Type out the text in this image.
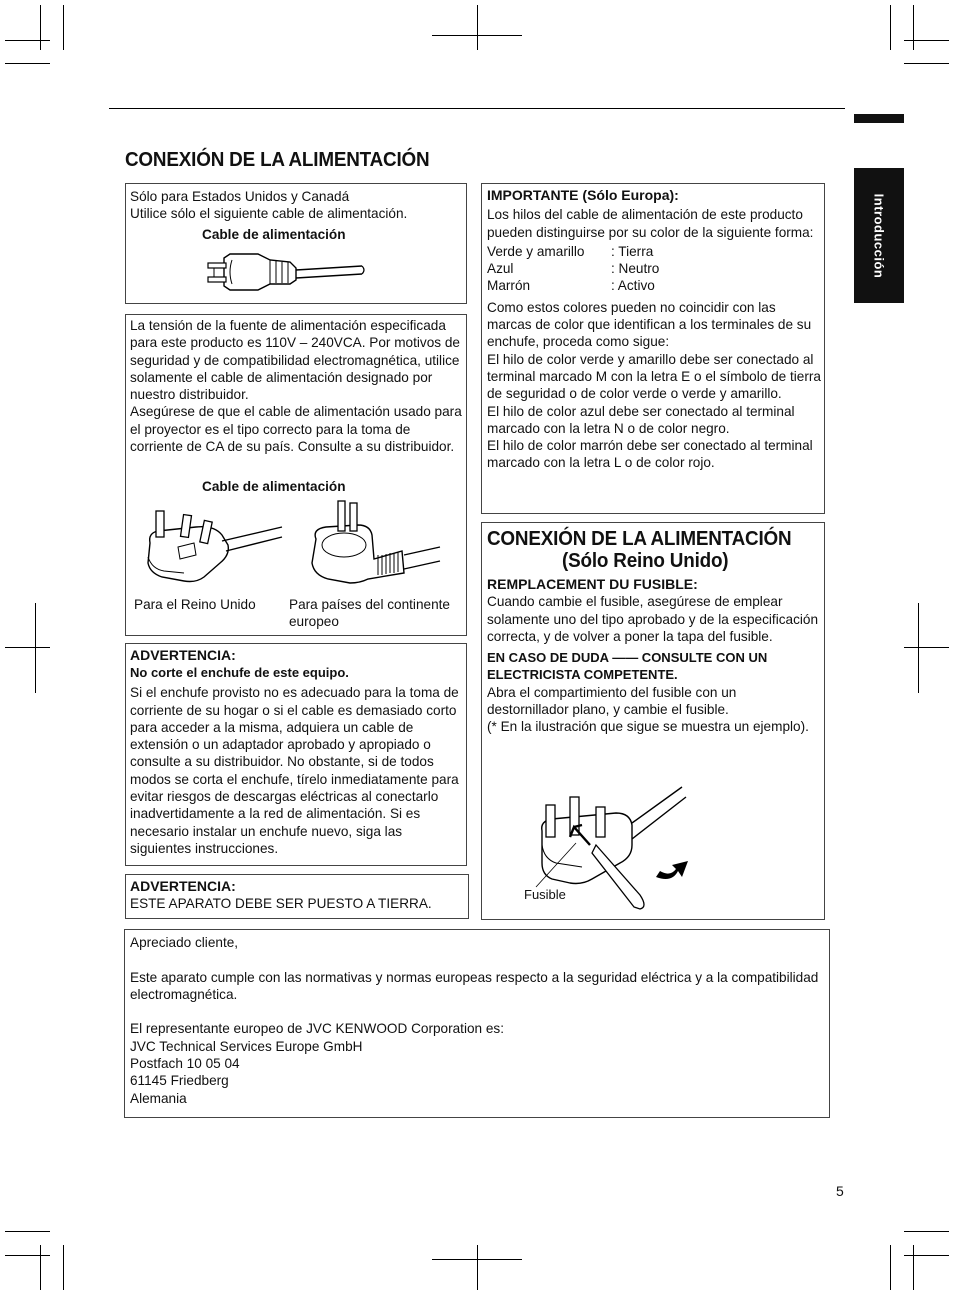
Introducción
CONEXIÓN DE LA ALIMENTACIÓN
Sólo para Estados Unidos y Canadá
Utilice sólo el siguiente cable de alimentación.
Cable de alimentación

La tensión de la fuente de alimentación especificada para este producto es 110V – 240VCA. Por motivos de seguridad y de compatibilidad electromagnética, utilice solamente el cable de alimentación designado por nuestro distribuidor.

Asegúrese de que el cable de alimentación usado para el proyector es el tipo correcto para la toma de corriente de CA de su país. Consulte a su distribuidor.

Cable de alimentación
Para el Reino Unido Para países del continente europeo
ADVERTENCIA:
No corte el enchufe de este equipo.

Si el enchufe provisto no es adecuado para la toma de corriente de su hogar o si el cable es demasiado corto para acceder a la misma, adquiera un cable de extensión o un adaptador aprobado y apropiado o consulte a su distribuidor. No obstante, si de todos modos se corta el enchufe, tírelo inmediatamente para evitar riesgos de descargas eléctricas al conectarlo inadvertidamente a la red de alimentación. Si es necesario instalar un enchufe nuevo, siga las siguientes instrucciones.

ADVERTENCIA:
ESTE APARATO DEBE SER PUESTO A TIERRA.
IMPORTANTE (Sólo Europa):

Los hilos del cable de alimentación de este producto pueden distinguirse por su color de la siguiente forma:

Verde y amarillo	: Tierra
Azul	: Neutro
Marrón	: Activo

Como estos colores pueden no coincidir con las marcas de color que identifican a los terminales de su enchufe, proceda como sigue:

El hilo de color verde y amarillo debe ser conectado al terminal marcado M con la letra E o el símbolo de tierra de seguridad o de color verde o verde y amarillo.

El hilo de color azul debe ser conectado al terminal marcado con la letra N o de color negro.

El hilo de color marrón debe ser conectado al terminal marcado con la letra L o de color rojo.

CONEXIÓN DE LA ALIMENTACIÓN
(Sólo Reino Unido)
REMPLACEMENT DU FUSIBLE:

Cuando cambie el fusible, asegúrese de emplear solamente uno del tipo aprobado y de la especificación correcta, y de volver a poner la tapa del fusible.

EN CASO DE DUDA —— CONSULTE CON UN ELECTRICISTA COMPETENTE.

Abra el compartimiento del fusible con un destornillador plano, y cambie el fusible.

(* En la ilustración que sigue se muestra un ejemplo).

Fusible

Apreciado cliente,

Este aparato cumple con las normativas y normas europeas respecto a la seguridad eléctrica y a la compatibilidad electromagnética.

El representante europeo de JVC KENWOOD Corporation es:

JVC Technical Services Europe GmbH
Postfach 10 05 04
61145 Friedberg
Alemania
5
